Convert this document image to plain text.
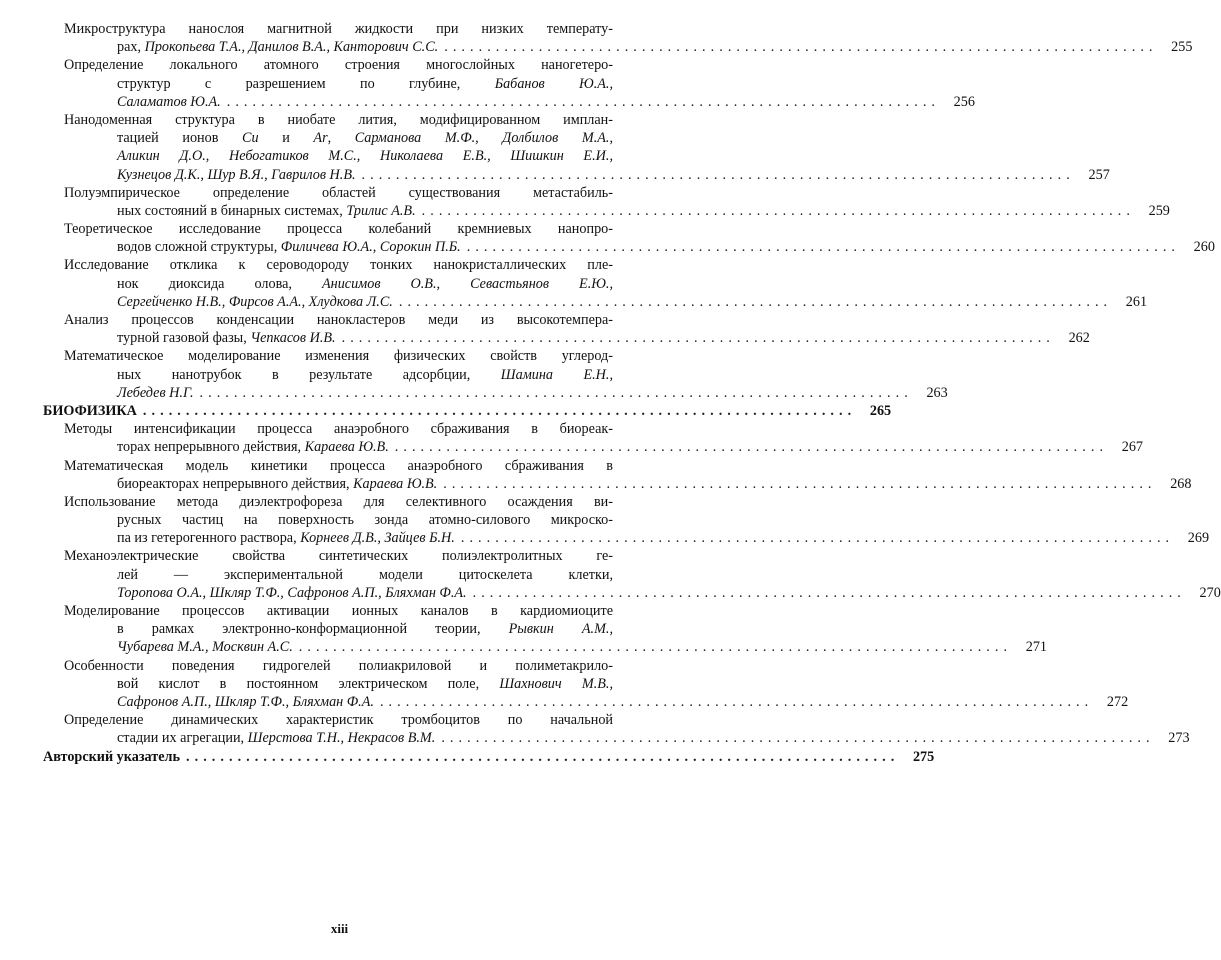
Микроструктура нанослоя магнитной жидкости при низких температу-
рах, Прокопьева Т.А., Данилов В.А., Канторович С.С. . . .	255
Определение локального атомного строения многослойных наногетеро-
структур с разрешением по глубине, Бабанов Ю.А.,
Саламатов Ю.А. . . .	256
Нанодоменная структура в ниобате лития, модифицированном имплан-
тацией ионов Cu и Ar, Сарманова М.Ф., Долбилов М.А.,
Аликин Д.О., Небогатиков М.С., Николаева Е.В., Шишкин Е.И.,
Кузнецов Д.К., Шур В.Я., Гаврилов Н.В. . . .	257
Полуэмпирическое определение областей существования метастабиль-
ных состояний в бинарных системах, Трилис А.В. . . .	259
Теоретическое исследование процесса колебаний кремниевых нанопро-
водов сложной структуры, Филичева Ю.А., Сорокин П.Б. . . .	260
Исследование отклика к сероводороду тонких нанокристаллических пле-
нок диоксида олова, Анисимов О.В., Севастьянов Е.Ю.,
Сергейченко Н.В., Фирсов А.А., Хлудкова Л.С. . . .	261
Анализ процессов конденсации нанокластеров меди из высокотемпера-
турной газовой фазы, Чепкасов И.В. . . .	262
Математическое моделирование изменения физических свойств углерод-
ных нанотрубок в результате адсорбции, Шамина Е.Н.,
Лебедев Н.Г. . . .	263
БИОФИЗИКА . . .	265
Методы интенсификации процесса анаэробного сбраживания в биореак-
торах непрерывного действия, Караева Ю.В. . . .	267
Математическая модель кинетики процесса анаэробного сбраживания в
биореакторах непрерывного действия, Караева Ю.В. . . .	268
Использование метода диэлектрофореза для селективного осаждения ви-
русных частиц на поверхность зонда атомно-силового микроско-
па из гетерогенного раствора, Корнеев Д.В., Зайцев Б.Н. . . .	269
Механоэлектрические свойства синтетических полиэлектролитных ге-
лей — экспериментальной модели цитоскелета клетки,
Торопова О.А., Шкляр Т.Ф., Сафронов А.П., Бляхман Ф.А. . . .	270
Моделирование процессов активации ионных каналов в кардиомиоците
в рамках электронно-конформационной теории, Рывкин А.М.,
Чубарева М.А., Москвин А.С. . . .	271
Особенности поведения гидрогелей полиакриловой и полиметакрило-
вой кислот в постоянном электрическом поле, Шахнович М.В.,
Сафронов А.П., Шкляр Т.Ф., Бляхман Ф.А. . . .	272
Определение динамических характеристик тромбоцитов по начальной
стадии их агрегации, Шерстова Т.Н., Некрасов В.М. . . .	273
Авторский указатель . . .	275
xiii
